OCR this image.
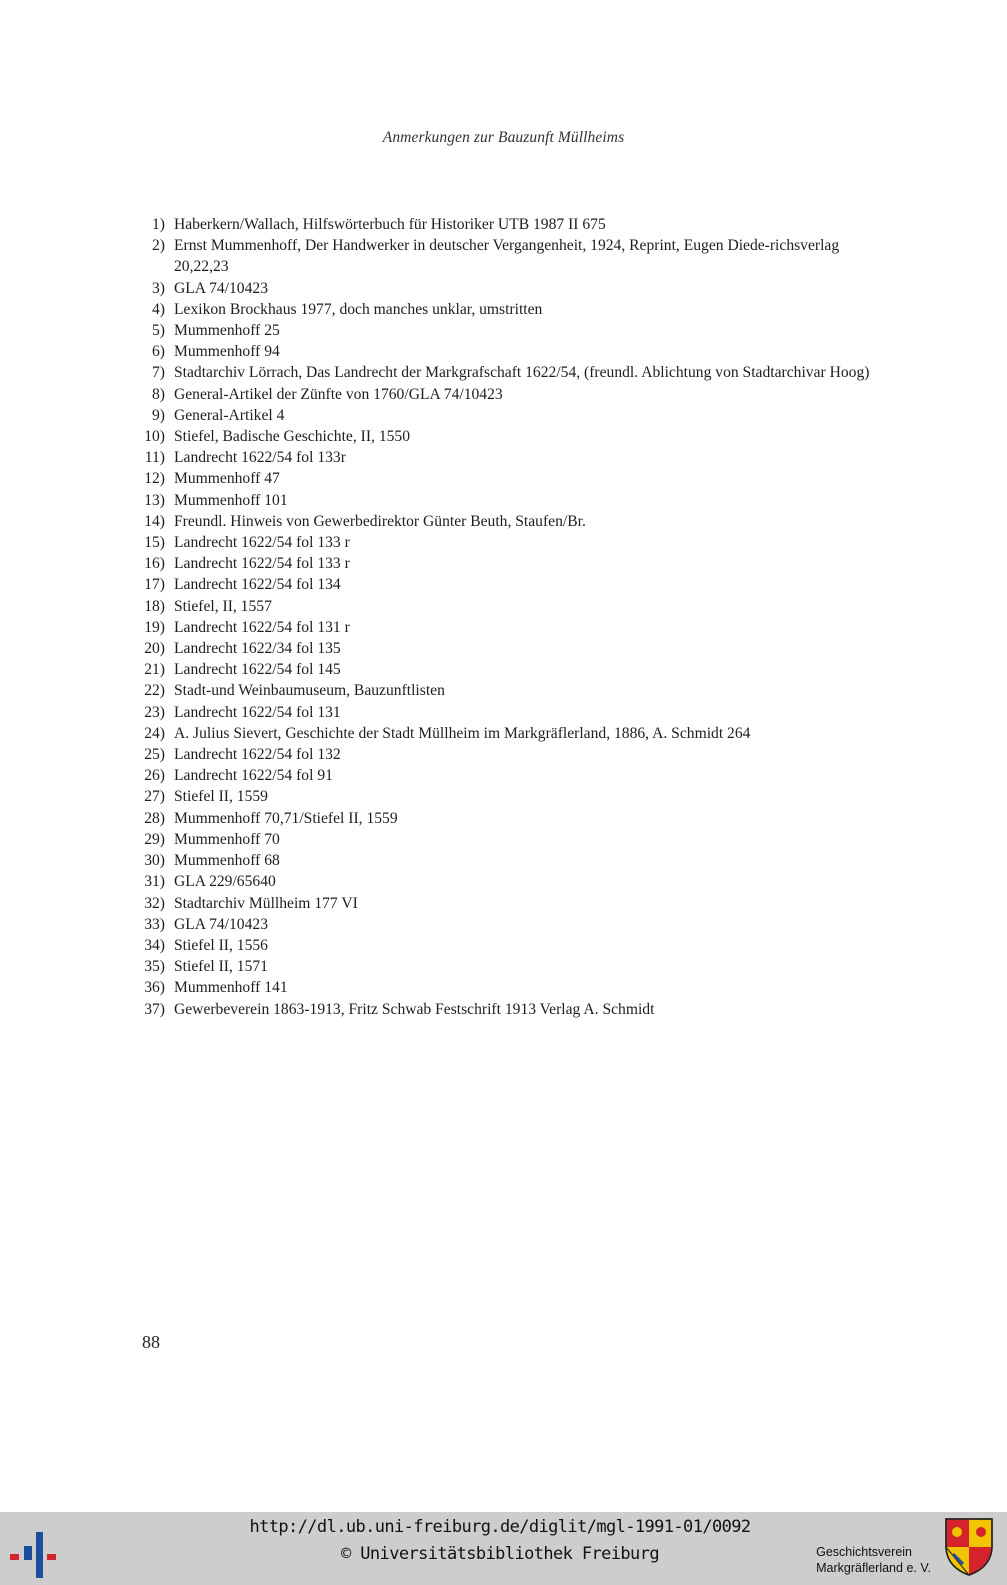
Anmerkungen zur Bauzunft Müllheims
1) Haberkern/Wallach, Hilfswörterbuch für Historiker UTB 1987 II 675
2) Ernst Mummenhoff, Der Handwerker in deutscher Vergangenheit, 1924, Reprint, Eugen Diede-richsverlag 20,22,23
3) GLA 74/10423
4) Lexikon Brockhaus 1977, doch manches unklar, umstritten
5) Mummenhoff 25
6) Mummenhoff 94
7) Stadtarchiv Lörrach, Das Landrecht der Markgrafschaft 1622/54, (freundl. Ablichtung von Stadtarchivar Hoog)
8) General-Artikel der Zünfte von 1760/GLA 74/10423
9) General-Artikel 4
10) Stiefel, Badische Geschichte, II, 1550
11) Landrecht 1622/54 fol 133r
12) Mummenhoff 47
13) Mummenhoff 101
14) Freundl. Hinweis von Gewerbedirektor Günter Beuth, Staufen/Br.
15) Landrecht 1622/54 fol 133 r
16) Landrecht 1622/54 fol 133 r
17) Landrecht 1622/54 fol 134
18) Stiefel, II, 1557
19) Landrecht 1622/54 fol 131 r
20) Landrecht 1622/34 fol 135
21) Landrecht 1622/54 fol 145
22) Stadt-und Weinbaumuseum, Bauzunftlisten
23) Landrecht 1622/54 fol 131
24) A. Julius Sievert, Geschichte der Stadt Müllheim im Markgräflerland, 1886, A. Schmidt 264
25) Landrecht 1622/54 fol 132
26) Landrecht 1622/54 fol 91
27) Stiefel II, 1559
28) Mummenhoff 70,71/Stiefel II, 1559
29) Mummenhoff 70
30) Mummenhoff 68
31) GLA 229/65640
32) Stadtarchiv Müllheim 177 VI
33) GLA 74/10423
34) Stiefel II, 1556
35) Stiefel II, 1571
36) Mummenhoff 141
37) Gewerbeverein 1863-1913, Fritz Schwab Festschrift 1913 Verlag A. Schmidt
88
http://dl.ub.uni-freiburg.de/diglit/mgl-1991-01/0092
© Universitätsbibliothek Freiburg	Geschichtsverein
Markgräflerland e. V.
